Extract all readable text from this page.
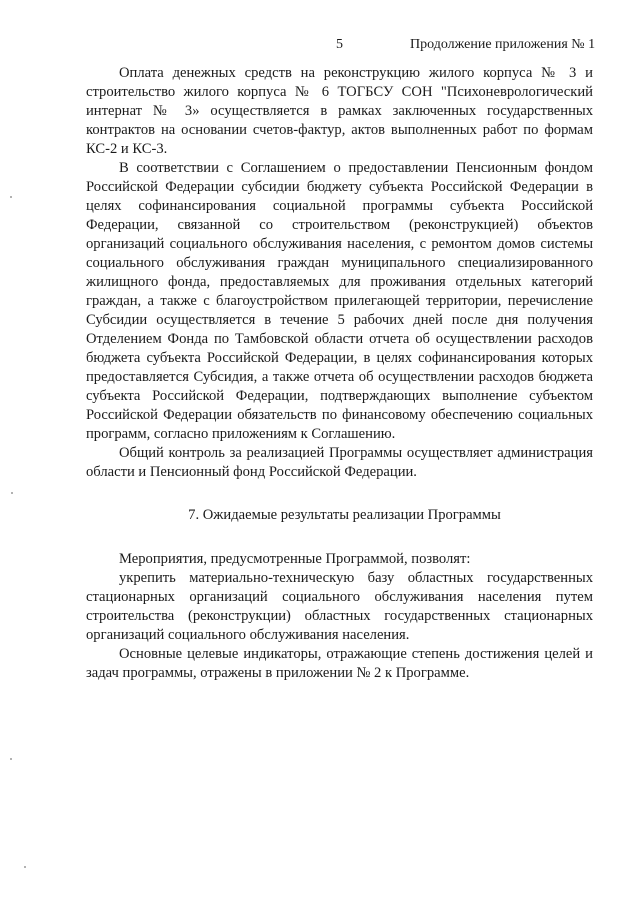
5	Продолжение приложения № 1

Оплата денежных средств на реконструкцию жилого корпуса № 3 и строительство жилого корпуса № 6 ТОГБСУ СОН "Психоневрологический интернат № 3» осуществляется в рамках заключенных государственных контрактов на основании счетов-фактур, актов выполненных работ по формам КС-2 и КС-3.

В соответствии с Соглашением о предоставлении Пенсионным фондом Российской Федерации субсидии бюджету субъекта Российской Федерации в целях софинансирования социальной программы субъекта Российской Федерации, связанной со строительством (реконструкцией) объектов организаций социального обслуживания населения, с ремонтом домов системы социального обслуживания граждан муниципального специализированного жилищного фонда, предоставляемых для проживания отдельных категорий граждан, а также с благоустройством прилегающей территории, перечисление Субсидии осуществляется в течение 5 рабочих дней после дня получения Отделением Фонда по Тамбовской области отчета об осуществлении расходов бюджета субъекта Российской Федерации, в целях софинансирования которых предоставляется Субсидия, а также отчета об осуществлении расходов бюджета субъекта Российской Федерации, подтверждающих выполнение субъектом Российской Федерации обязательств по финансовому обеспечению социальных программ, согласно приложениям к Соглашению.

Общий контроль за реализацией Программы осуществляет администрация области и Пенсионный фонд Российской Федерации.

7. Ожидаемые результаты реализации Программы

Мероприятия, предусмотренные Программой, позволят:

укрепить материально-техническую базу областных государственных стационарных организаций социального обслуживания населения путем строительства (реконструкции) областных государственных стационарных организаций социального обслуживания населения.

Основные целевые индикаторы, отражающие степень достижения целей и задач программы, отражены в приложении № 2 к Программе.
